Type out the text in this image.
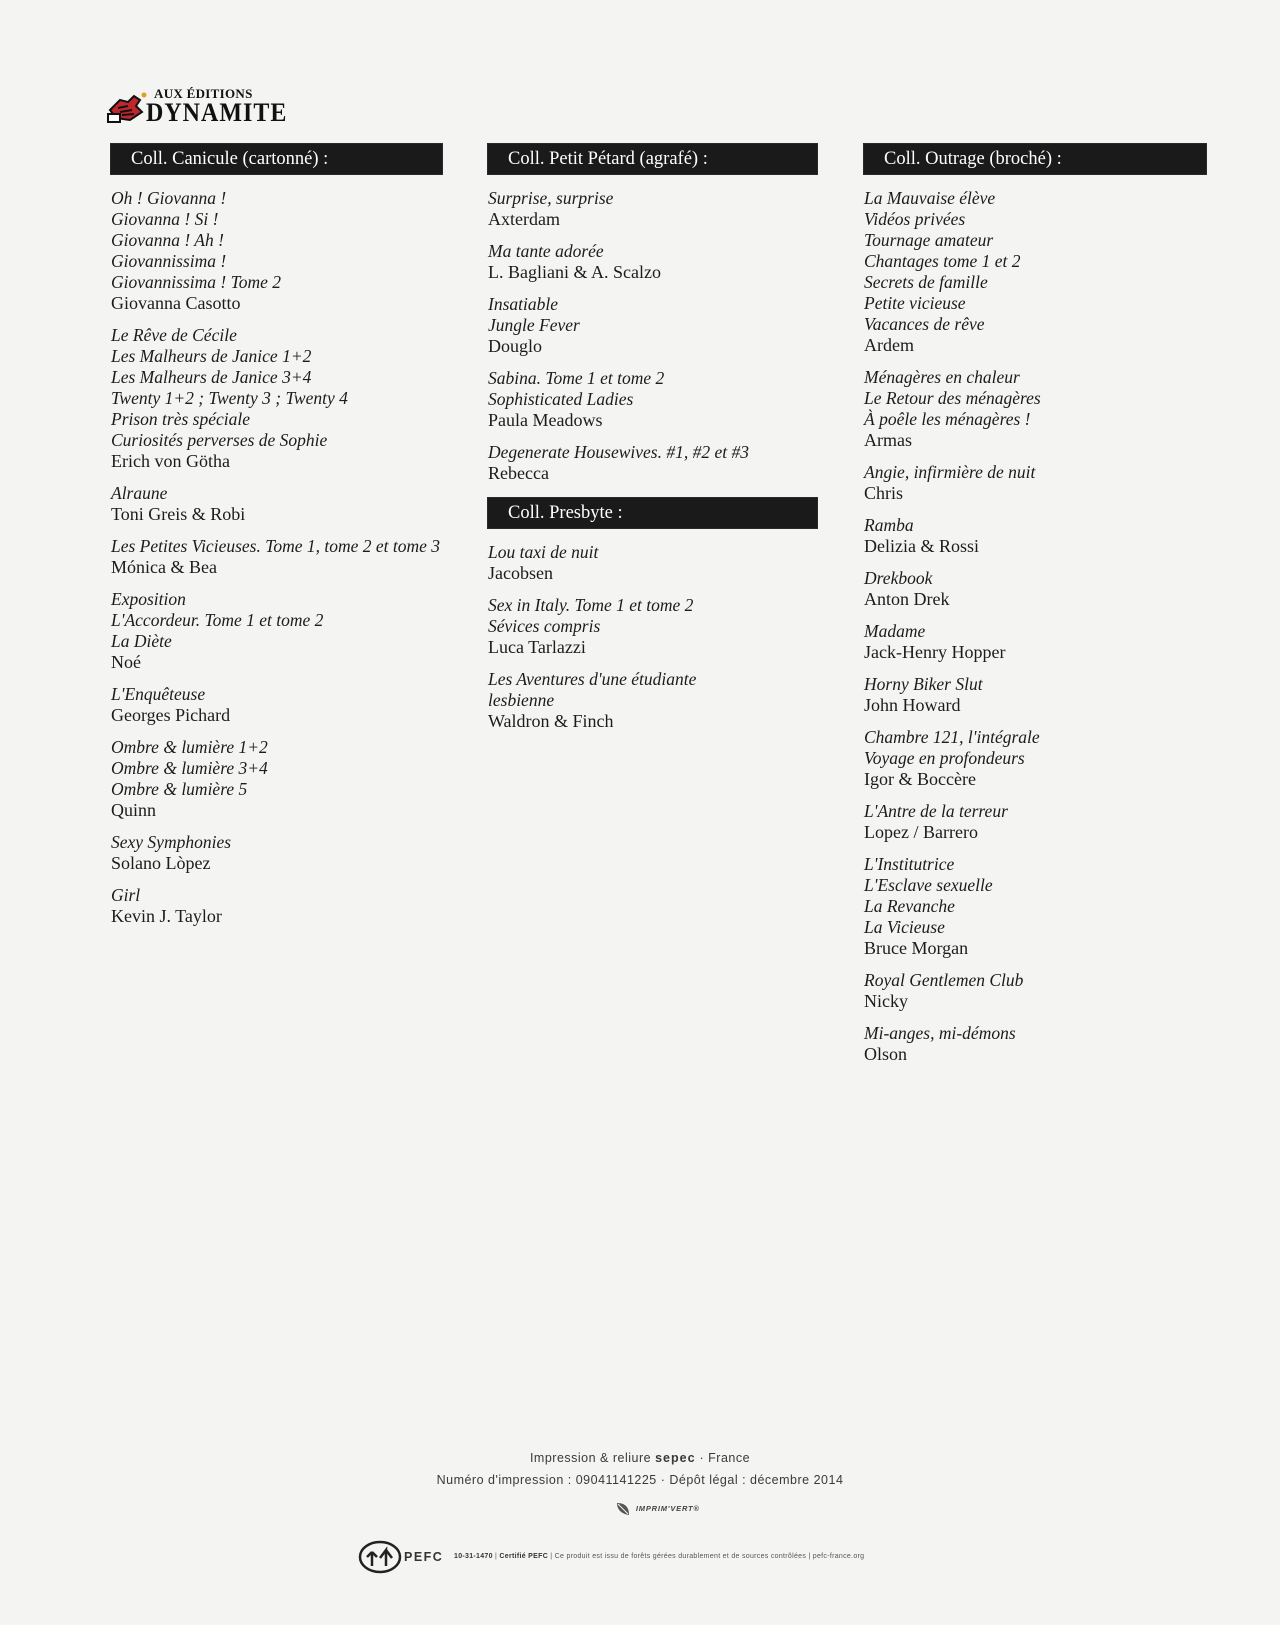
AUX ÉDITIONS
DYNAMITE
Coll. Canicule (cartonné) :
Oh ! Giovanna !
Giovanna ! Si !
Giovanna ! Ah !
Giovannissima !
Giovannissima ! Tome 2
Giovanna Casotto
Le Rêve de Cécile
Les Malheurs de Janice 1+2
Les Malheurs de Janice 3+4
Twenty 1+2 ; Twenty 3 ; Twenty 4
Prison très spéciale
Curiosités perverses de Sophie
Erich von Götha
Alraune
Toni Greis & Robi
Les Petites Vicieuses. Tome 1, tome 2 et tome 3
Mónica & Bea
Exposition
L'Accordeur. Tome 1 et tome 2
La Diète
Noé
L'Enquêteuse
Georges Pichard
Ombre & lumière 1+2
Ombre & lumière 3+4
Ombre & lumière 5
Quinn
Sexy Symphonies
Solano Lòpez
Girl
Kevin J. Taylor
Coll. Petit Pétard (agrafé) :
Surprise, surprise
Axterdam
Ma tante adorée
L. Bagliani & A. Scalzo
Insatiable
Jungle Fever
Douglo
Sabina. Tome 1 et tome 2
Sophisticated Ladies
Paula Meadows
Degenerate Housewives. #1, #2 et #3
Rebecca
Coll. Presbyte :
Lou taxi de nuit
Jacobsen
Sex in Italy. Tome 1 et tome 2
Sévices compris
Luca Tarlazzi
Les Aventures d'une étudiante
lesbienne
Waldron & Finch
Coll. Outrage (broché) :
La Mauvaise élève
Vidéos privées
Tournage amateur
Chantages tome 1 et 2
Secrets de famille
Petite vicieuse
Vacances de rêve
Ardem
Ménagères en chaleur
Le Retour des ménagères
À poêle les ménagères !
Armas
Angie, infirmière de nuit
Chris
Ramba
Delizia & Rossi
Drekbook
Anton Drek
Madame
Jack-Henry Hopper
Horny Biker Slut
John Howard
Chambre 121, l'intégrale
Voyage en profondeurs
Igor & Boccère
L'Antre de la terreur
Lopez / Barrero
L'Institutrice
L'Esclave sexuelle
La Revanche
La Vicieuse
Bruce Morgan
Royal Gentlemen Club
Nicky
Mi-anges, mi-démons
Olson
Impression & reliure sepec · France
Numéro d'impression : 09041141225 · Dépôt légal : décembre 2014
IMPRIM'VERT®
PEFC 10-31-1470 | Certifié PEFC | Ce produit est issu de forêts gérées durablement et de sources contrôlées | pefc-france.org
